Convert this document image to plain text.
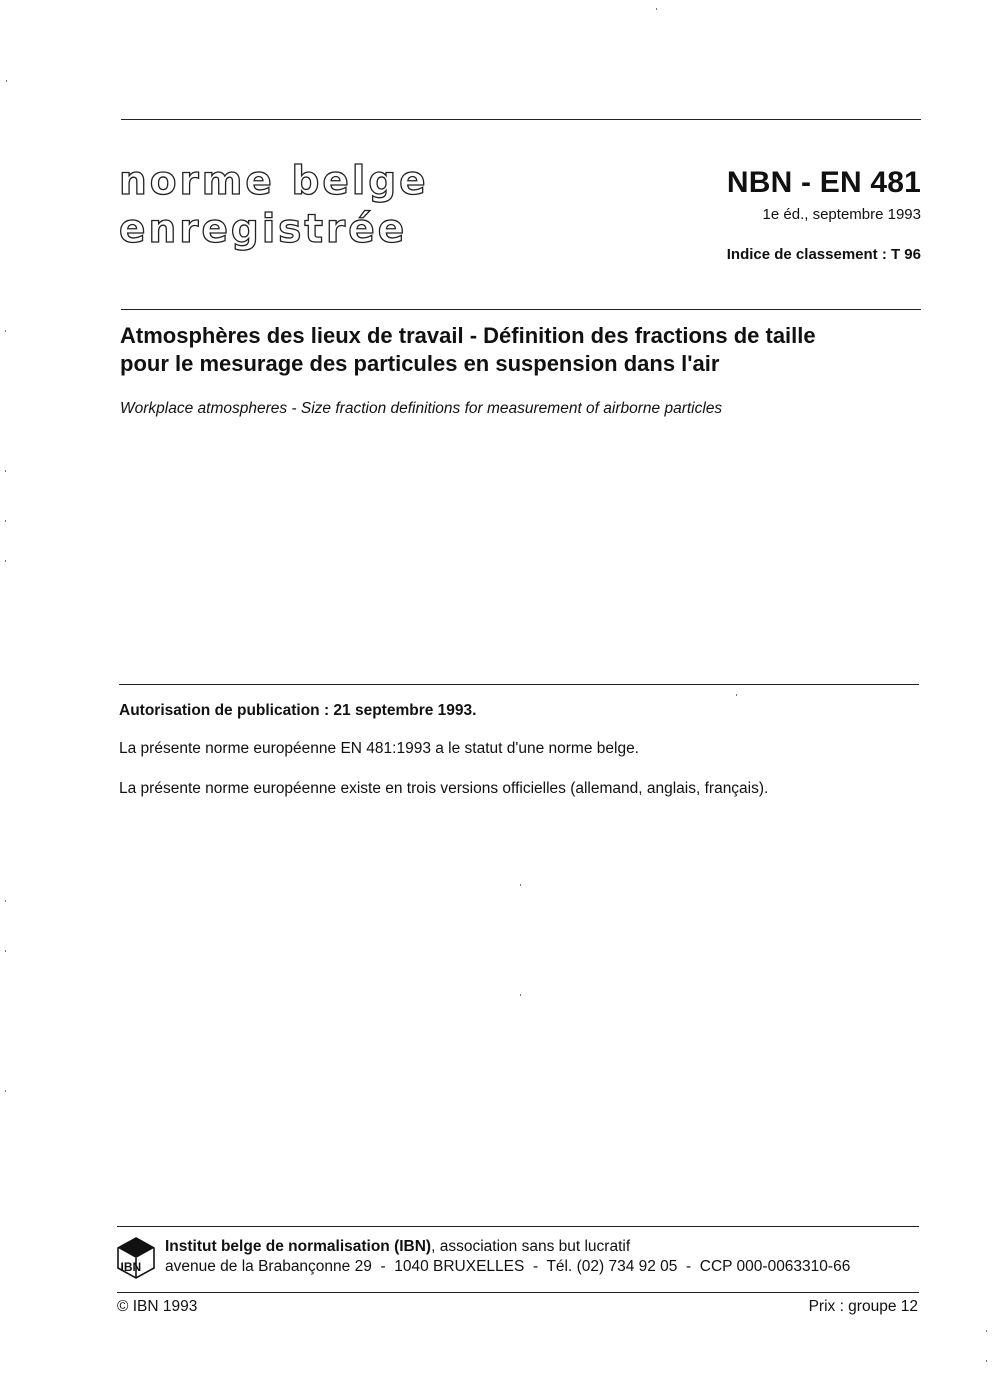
norme belge
enregistrée
NBN - EN 481
1e éd., septembre 1993
Indice de classement : T 96
Atmosphères des lieux de travail - Définition des fractions de taille
pour le mesurage des particules en suspension dans l'air
Workplace atmospheres - Size fraction definitions for measurement of airborne particles
Autorisation de publication : 21 septembre 1993.
La présente norme européenne EN 481:1993 a le statut d'une norme belge.
La présente norme européenne existe en trois versions officielles (allemand, anglais, français).
IBN
Institut belge de normalisation (IBN), association sans but lucratif
avenue de la Brabançonne 29  -  1040 BRUXELLES  -  Tél. (02) 734 92 05  -  CCP 000-0063310-66
© IBN 1993	Prix : groupe 12
